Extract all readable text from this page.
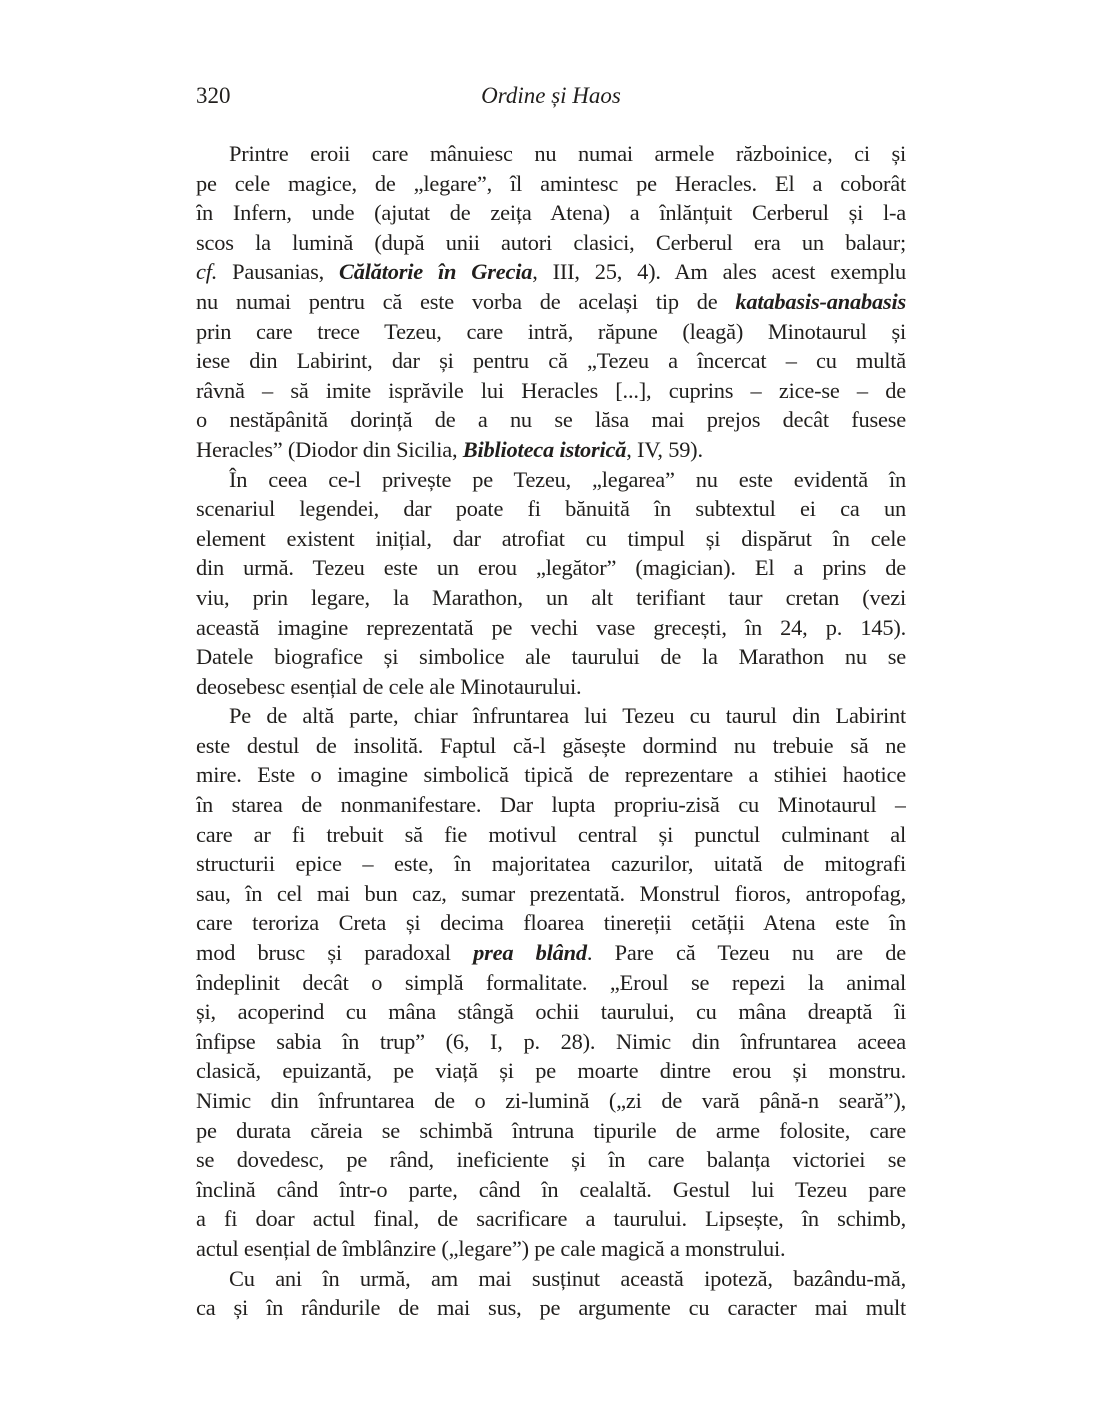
320	Ordine și Haos
Printre eroii care mânuiesc nu numai armele războinice, ci și
pe cele magice, de „legare”, îl amintesc pe Heracles. El a coborât
în Infern, unde (ajutat de zeița Atena) a înlănțuit Cerberul și l-a
scos la lumină (după unii autori clasici, Cerberul era un balaur;
cf. Pausanias, Călătorie în Grecia, III, 25, 4). Am ales acest exemplu
nu numai pentru că este vorba de același tip de katabasis-anabasis
prin care trece Tezeu, care intră, răpune (leagă) Minotaurul și
iese din Labirint, dar și pentru că „Tezeu a încercat – cu multă
râvnă – să imite isprăvile lui Heracles [...], cuprins – zice-se – de
o nestăpânită dorință de a nu se lăsa mai prejos decât fusese
Heracles” (Diodor din Sicilia, Biblioteca istorică, IV, 59).
În ceea ce-l privește pe Tezeu, „legarea” nu este evidentă în
scenariul legendei, dar poate fi bănuită în subtextul ei ca un
element existent inițial, dar atrofiat cu timpul și dispărut în cele
din urmă. Tezeu este un erou „legător” (magician). El a prins de
viu, prin legare, la Marathon, un alt terifiant taur cretan (vezi
această imagine reprezentată pe vechi vase grecești, în 24, p. 145).
Datele biografice și simbolice ale taurului de la Marathon nu se
deosebesc esențial de cele ale Minotaurului.
Pe de altă parte, chiar înfruntarea lui Tezeu cu taurul din Labirint
este destul de insolită. Faptul că-l găsește dormind nu trebuie să ne
mire. Este o imagine simbolică tipică de reprezentare a stihiei haotice
în starea de nonmanifestare. Dar lupta propriu-zisă cu Minotaurul –
care ar fi trebuit să fie motivul central și punctul culminant al
structurii epice – este, în majoritatea cazurilor, uitată de mitografi
sau, în cel mai bun caz, sumar prezentată. Monstrul fioros, antropofag,
care teroriza Creta și decima floarea tinereții cetății Atena este în
mod brusc și paradoxal prea blând. Pare că Tezeu nu are de
îndeplinit decât o simplă formalitate. „Eroul se repezi la animal
și, acoperind cu mâna stângă ochii taurului, cu mâna dreaptă îi
înfipse sabia în trup” (6, I, p. 28). Nimic din înfruntarea aceea
clasică, epuizantă, pe viață și pe moarte dintre erou și monstru.
Nimic din înfruntarea de o zi-lumină („zi de vară până-n seară”),
pe durata căreia se schimbă întruna tipurile de arme folosite, care
se dovedesc, pe rând, ineficiente și în care balanța victoriei se
înclină când într-o parte, când în cealaltă. Gestul lui Tezeu pare
a fi doar actul final, de sacrificare a taurului. Lipsește, în schimb,
actul esențial de îmblânzire („legare”) pe cale magică a monstrului.
Cu ani în urmă, am mai susținut această ipoteză, bazându-mă,
ca și în rândurile de mai sus, pe argumente cu caracter mai mult
